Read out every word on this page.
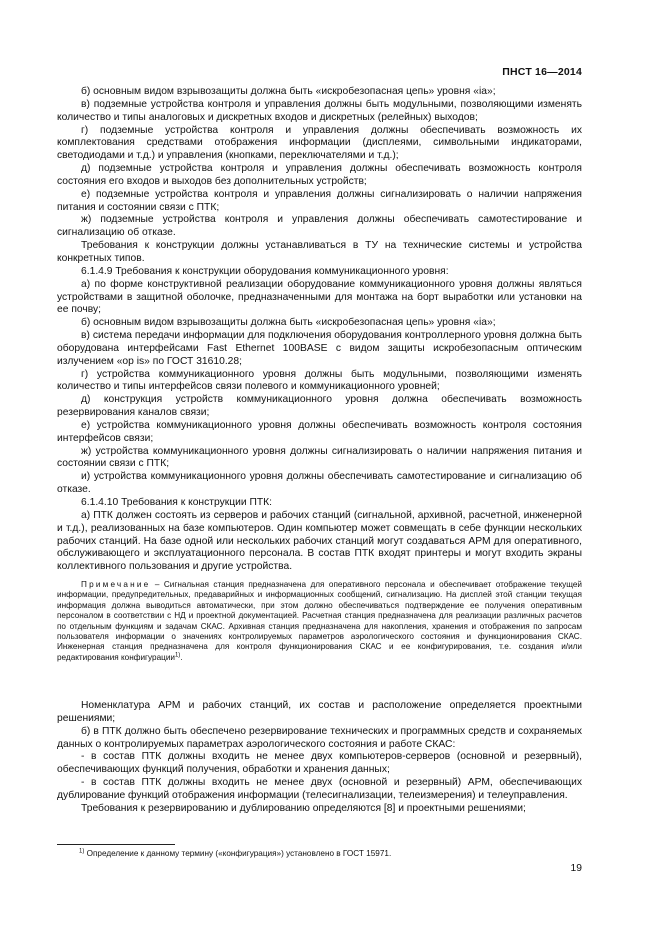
ПНСТ 16—2014

б) основным видом взрывозащиты должна быть «искробезопасная цепь» уровня «ia»;

в) подземные устройства контроля и управления должны быть модульными, позволяющими изменять количество и типы аналоговых и дискретных входов и дискретных (релейных) выходов;

г) подземные устройства контроля и управления должны обеспечивать возможность их комплектования средствами отображения информации (дисплеями, символьными индикаторами, светодиодами и т.д.) и управления (кнопками, переключателями и т.д.);

д) подземные устройства контроля и управления должны обеспечивать возможность контроля состояния его входов и выходов без дополнительных устройств;

е) подземные устройства контроля и управления должны сигнализировать о наличии напряжения питания и состоянии связи с ПТК;

ж) подземные устройства контроля и управления должны обеспечивать самотестирование и сигнализацию об отказе.

Требования к конструкции должны устанавливаться в ТУ на технические системы и устройства конкретных типов.

6.1.4.9 Требования к конструкции оборудования коммуникационного уровня:

а) по форме конструктивной реализации оборудование коммуникационного уровня должны являться устройствами в защитной оболочке, предназначенными для монтажа на борт выработки или установки на ее почву;

б) основным видом взрывозащиты должна быть «искробезопасная цепь» уровня «ia»;

в) система передачи информации для подключения оборудования контроллерного уровня должна быть оборудована интерфейсами Fast Ethernet 100BASE с видом защиты искробезопасным оптическим излучением «op is» по ГОСТ 31610.28;

г) устройства коммуникационного уровня должны быть модульными, позволяющими изменять количество и типы интерфейсов связи полевого и коммуникационного уровней;

д) конструкция устройств коммуникационного уровня должна обеспечивать возможность резервирования каналов связи;

е) устройства коммуникационного уровня должны обеспечивать возможность контроля состояния интерфейсов связи;

ж) устройства коммуникационного уровня должны сигнализировать о наличии напряжения питания и состоянии связи с ПТК;

и) устройства коммуникационного уровня должны обеспечивать самотестирование и сигнализацию об отказе.

6.1.4.10 Требования к конструкции ПТК:

а) ПТК должен состоять из серверов и рабочих станций (сигнальной, архивной, расчетной, инженерной и т.д.), реализованных на базе компьютеров. Один компьютер может совмещать в себе функции нескольких рабочих станций. На базе одной или нескольких рабочих станций могут создаваться АРМ для оперативного, обслуживающего и эксплуатационного персонала. В состав ПТК входят принтеры и могут входить экраны коллективного пользования и другие устройства.

Примечание – Сигнальная станция предназначена для оперативного персонала и обеспечивает отображение текущей информации, предупредительных, предаварийных и информационных сообщений, сигнализацию. На дисплей этой станции текущая информация должна выводиться автоматически, при этом должно обеспечиваться подтверждение ее получения оперативным персоналом в соответствии с НД и проектной документацией. Расчетная станция предназначена для реализации различных расчетов по отдельным функциям и задачам СКАС. Архивная станция предназначена для накопления, хранения и отображения по запросам пользователя информации о значениях контролируемых параметров аэрологического состояния и функционирования СКАС. Инженерная станция предназначена для контроля функционирования СКАС и ее конфигурирования, т.е. создания и/или редактирования конфигурации$^{1)}$.

Номенклатура АРМ и рабочих станций, их состав и расположение определяется проектными решениями;

б) в ПТК должно быть обеспечено резервирование технических и программных средств и сохраняемых данных о контролируемых параметрах аэрологического состояния и работе СКАС:

- в состав ПТК должны входить не менее двух компьютеров-серверов (основной и резервный), обеспечивающих функций получения, обработки и хранения данных;

- в состав ПТК должны входить не менее двух (основной и резервный) АРМ, обеспечивающих дублирование функций отображения информации (телесигнализации, телеизмерения) и телеуправления.

Требования к резервированию и дублированию определяются [8] и проектными решениями;

$^{1)}$ Определение к данному термину («конфигурация») установлено в ГОСТ 15971.
19
